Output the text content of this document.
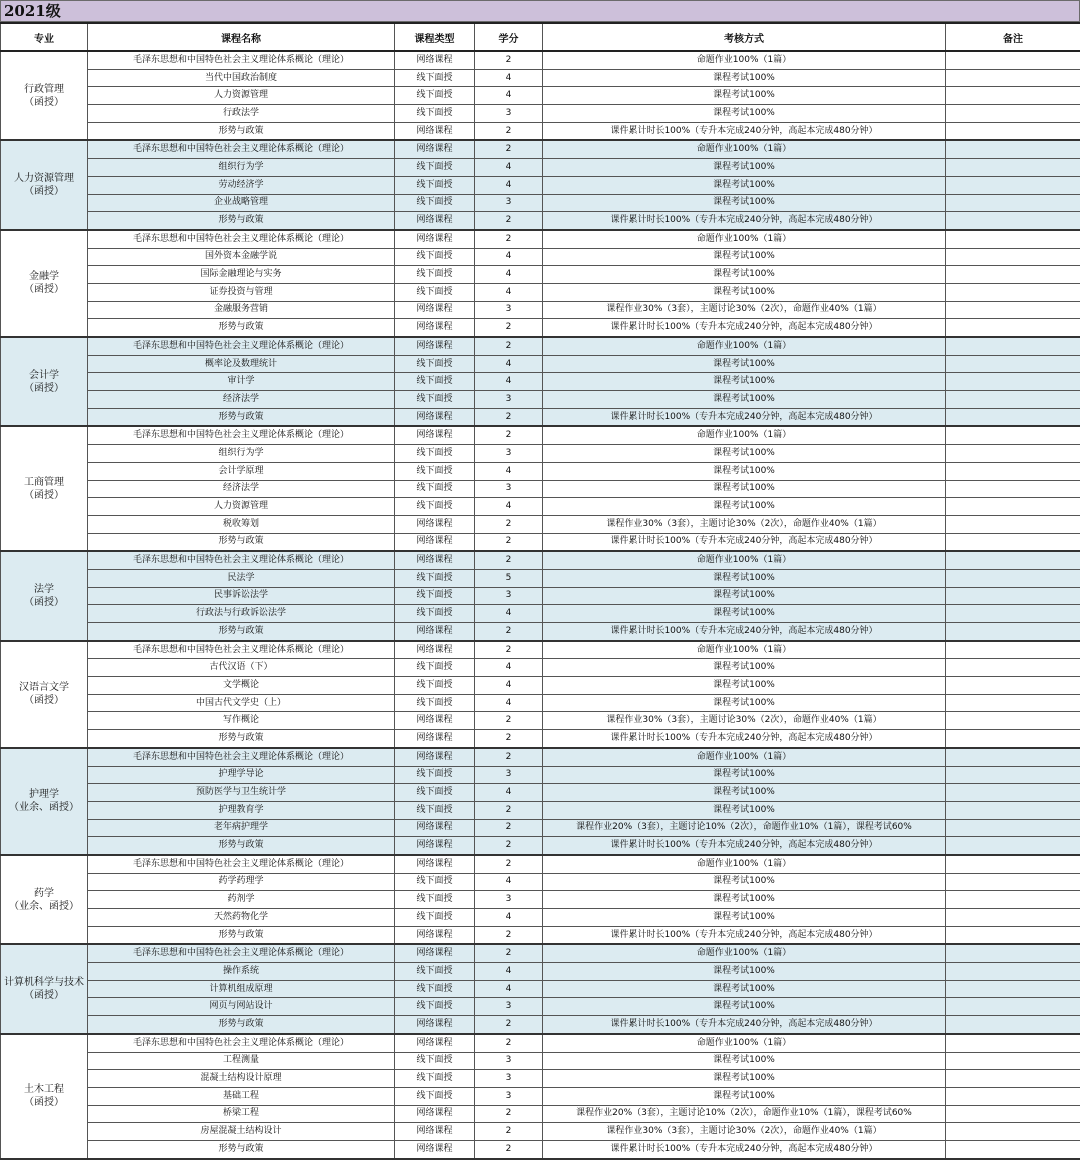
2021级
专业	课程名称	课程类型	学分	考核方式	备注
行政管理
（函授）	毛泽东思想和中国特色社会主义理论体系概论（理论）	网络课程	2	命题作业100%（1篇）	
	当代中国政治制度	线下面授	4	课程考试100%	
	人力资源管理	线下面授	4	课程考试100%	
	行政法学	线下面授	3	课程考试100%	
	形势与政策	网络课程	2	课件累计时长100%（专升本完成240分钟，高起本完成480分钟）	
人力资源管理
（函授）	毛泽东思想和中国特色社会主义理论体系概论（理论）	网络课程	2	命题作业100%（1篇）	
	组织行为学	线下面授	4	课程考试100%	
	劳动经济学	线下面授	4	课程考试100%	
	企业战略管理	线下面授	3	课程考试100%	
	形势与政策	网络课程	2	课件累计时长100%（专升本完成240分钟，高起本完成480分钟）	
金融学
（函授）	毛泽东思想和中国特色社会主义理论体系概论（理论）	网络课程	2	命题作业100%（1篇）	
	国外资本金融学说	线下面授	4	课程考试100%	
	国际金融理论与实务	线下面授	4	课程考试100%	
	证券投资与管理	线下面授	4	课程考试100%	
	金融服务营销	网络课程	3	课程作业30%（3套），主题讨论30%（2次），命题作业40%（1篇）	
	形势与政策	网络课程	2	课件累计时长100%（专升本完成240分钟，高起本完成480分钟）	
会计学
（函授）	毛泽东思想和中国特色社会主义理论体系概论（理论）	网络课程	2	命题作业100%（1篇）	
	概率论及数理统计	线下面授	4	课程考试100%	
	审计学	线下面授	4	课程考试100%	
	经济法学	线下面授	3	课程考试100%	
	形势与政策	网络课程	2	课件累计时长100%（专升本完成240分钟，高起本完成480分钟）	
工商管理
（函授）	毛泽东思想和中国特色社会主义理论体系概论（理论）	网络课程	2	命题作业100%（1篇）	
	组织行为学	线下面授	3	课程考试100%	
	会计学原理	线下面授	4	课程考试100%	
	经济法学	线下面授	3	课程考试100%	
	人力资源管理	线下面授	4	课程考试100%	
	税收筹划	网络课程	2	课程作业30%（3套），主题讨论30%（2次），命题作业40%（1篇）	
	形势与政策	网络课程	2	课件累计时长100%（专升本完成240分钟，高起本完成480分钟）	
法学
（函授）	毛泽东思想和中国特色社会主义理论体系概论（理论）	网络课程	2	命题作业100%（1篇）	
	民法学	线下面授	5	课程考试100%	
	民事诉讼法学	线下面授	3	课程考试100%	
	行政法与行政诉讼法学	线下面授	4	课程考试100%	
	形势与政策	网络课程	2	课件累计时长100%（专升本完成240分钟，高起本完成480分钟）	
汉语言文学
（函授）	毛泽东思想和中国特色社会主义理论体系概论（理论）	网络课程	2	命题作业100%（1篇）	
	古代汉语（下）	线下面授	4	课程考试100%	
	文学概论	线下面授	4	课程考试100%	
	中国古代文学史（上）	线下面授	4	课程考试100%	
	写作概论	网络课程	2	课程作业30%（3套），主题讨论30%（2次），命题作业40%（1篇）	
	形势与政策	网络课程	2	课件累计时长100%（专升本完成240分钟，高起本完成480分钟）	
护理学
（业余、函授）	毛泽东思想和中国特色社会主义理论体系概论（理论）	网络课程	2	命题作业100%（1篇）	
	护理学导论	线下面授	3	课程考试100%	
	预防医学与卫生统计学	线下面授	4	课程考试100%	
	护理教育学	线下面授	2	课程考试100%	
	老年病护理学	网络课程	2	课程作业20%（3套），主题讨论10%（2次），命题作业10%（1篇），课程考试60%	
	形势与政策	网络课程	2	课件累计时长100%（专升本完成240分钟，高起本完成480分钟）	
药学
（业余、函授）	毛泽东思想和中国特色社会主义理论体系概论（理论）	网络课程	2	命题作业100%（1篇）	
	药学药理学	线下面授	4	课程考试100%	
	药剂学	线下面授	3	课程考试100%	
	天然药物化学	线下面授	4	课程考试100%	
	形势与政策	网络课程	2	课件累计时长100%（专升本完成240分钟，高起本完成480分钟）	
计算机科学与技术
（函授）	毛泽东思想和中国特色社会主义理论体系概论（理论）	网络课程	2	命题作业100%（1篇）	
	操作系统	线下面授	4	课程考试100%	
	计算机组成原理	线下面授	4	课程考试100%	
	网页与网站设计	线下面授	3	课程考试100%	
	形势与政策	网络课程	2	课件累计时长100%（专升本完成240分钟，高起本完成480分钟）	
土木工程
（函授）	毛泽东思想和中国特色社会主义理论体系概论（理论）	网络课程	2	命题作业100%（1篇）	
	工程测量	线下面授	3	课程考试100%	
	混凝土结构设计原理	线下面授	3	课程考试100%	
	基础工程	线下面授	3	课程考试100%	
	桥梁工程	网络课程	2	课程作业20%（3套），主题讨论10%（2次），命题作业10%（1篇），课程考试60%	
	房屋混凝土结构设计	网络课程	2	课程作业30%（3套），主题讨论30%（2次），命题作业40%（1篇）	
	形势与政策	网络课程	2	课件累计时长100%（专升本完成240分钟，高起本完成480分钟）	
